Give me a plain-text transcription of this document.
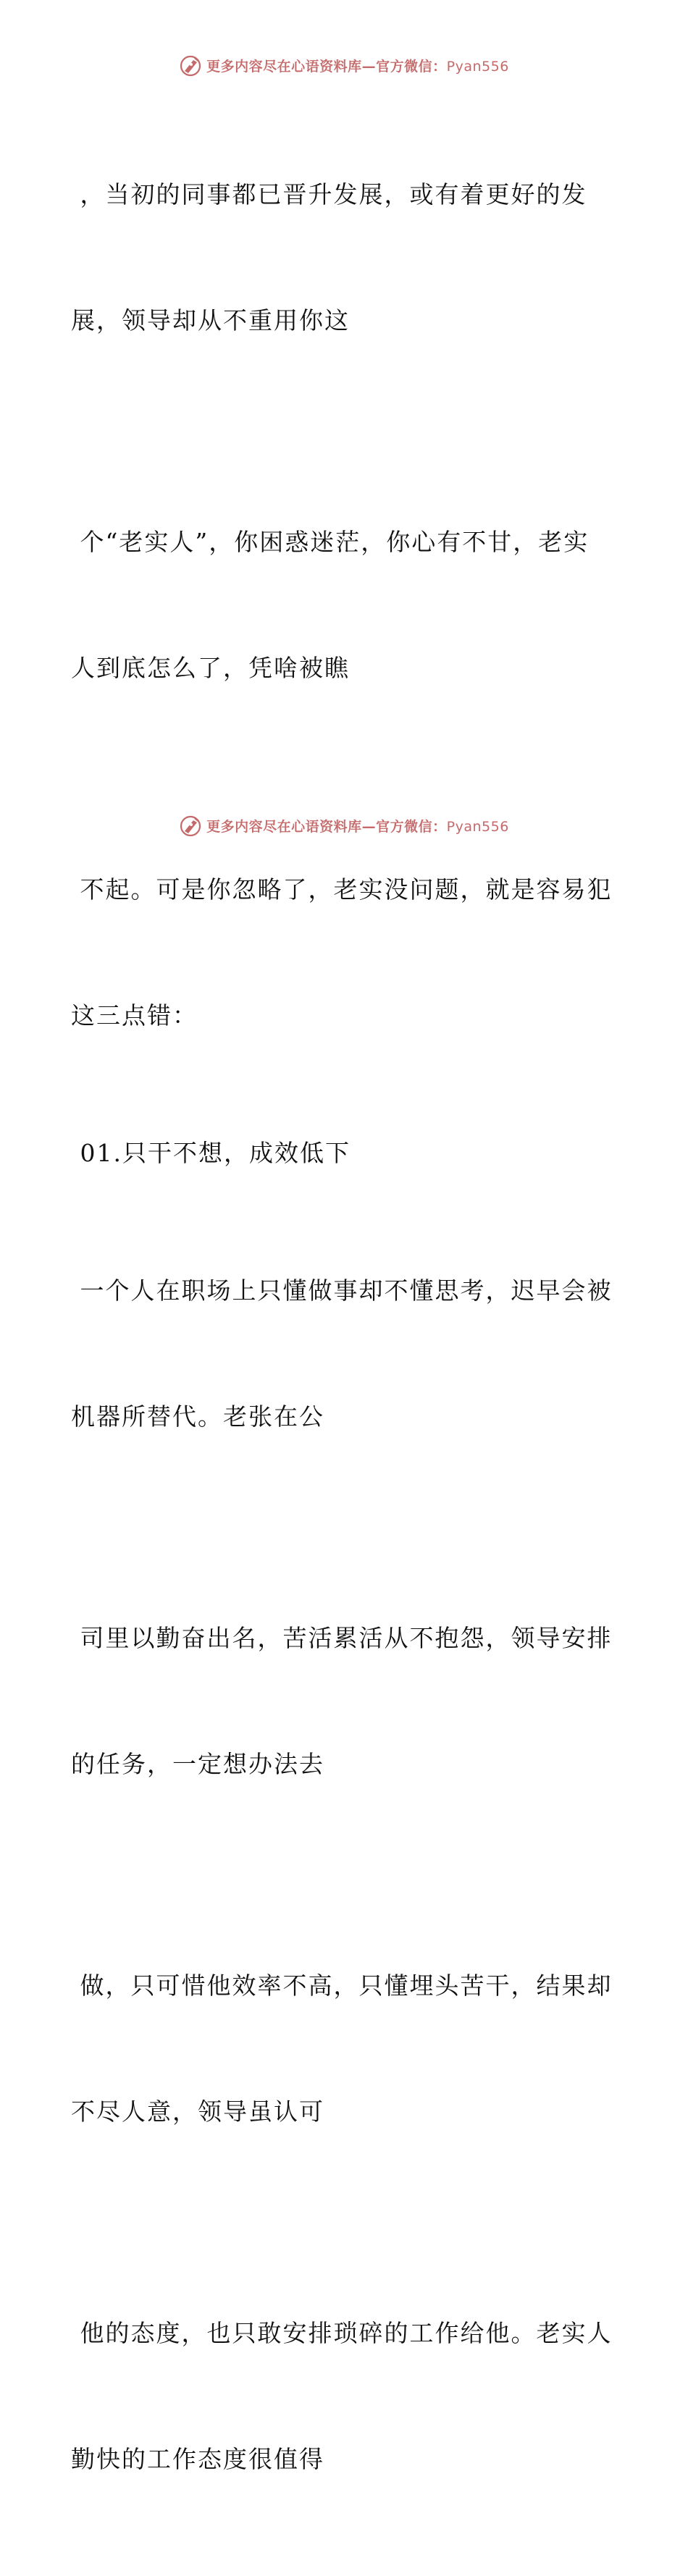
更多内容尽在心语资料库—官方微信：Pyan556

，当初的同事都已晋升发展，或有着更好的发

展，领导却从不重用你这

个“老实人”，你困惑迷茫，你心有不甘，老实

人到底怎么了，凭啥被瞧

不起。可是你忽略了，老实没问题，就是容易犯

这三点错：

01.只干不想，成效低下

一个人在职场上只懂做事却不懂思考，迟早会被

机器所替代。老张在公

司里以勤奋出名，苦活累活从不抱怨，领导安排

的任务，一定想办法去

做，只可惜他效率不高，只懂埋头苦干，结果却

不尽人意，领导虽认可

他的态度，也只敢安排琐碎的工作给他。老实人

勤快的工作态度很值得

更多内容尽在心语资料库—官方微信：Pyan556
